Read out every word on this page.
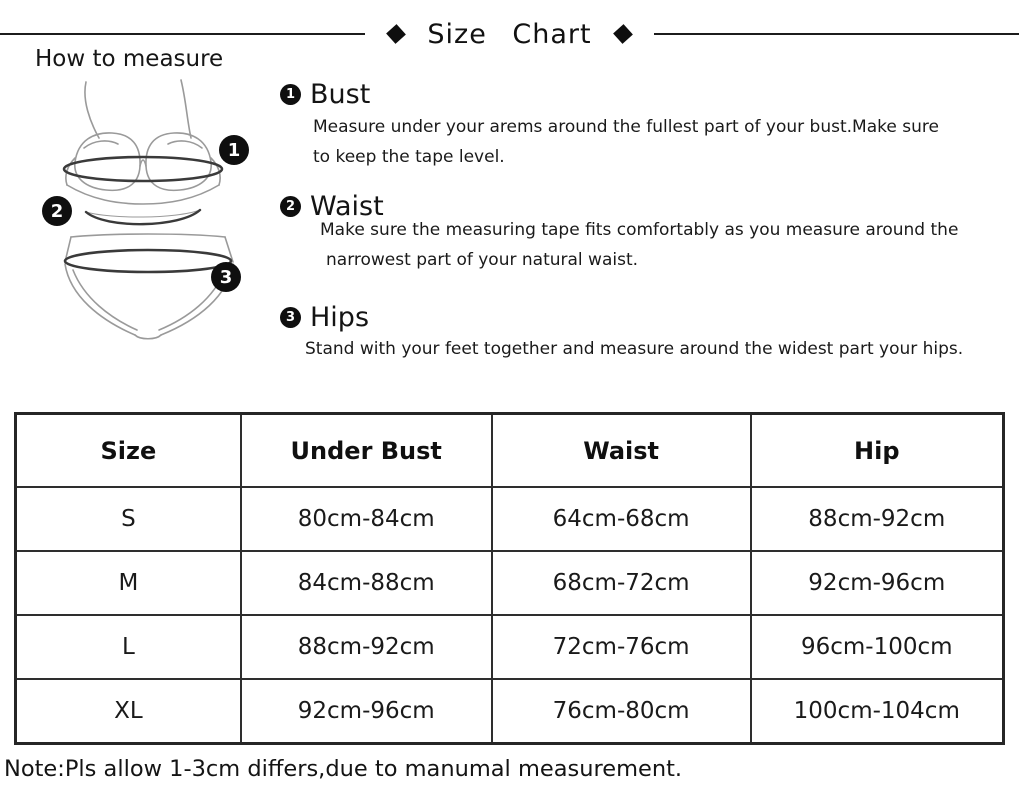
Size Chart
How to measure
1
2
3
1 Bust
Measure under your arems around the fullest part of your bust.Make sure
to keep the tape level.
2 Waist
Make sure the measuring tape fits comfortably as you measure around the
narrowest part of your natural waist.
3 Hips
Stand with your feet together and measure around the widest part your hips.
Size	Under Bust	Waist	Hip
S	80cm-84cm	64cm-68cm	88cm-92cm
M	84cm-88cm	68cm-72cm	92cm-96cm
L	88cm-92cm	72cm-76cm	96cm-100cm
XL	92cm-96cm	76cm-80cm	100cm-104cm
Note:Pls allow 1-3cm differs,due to manumal measurement.
